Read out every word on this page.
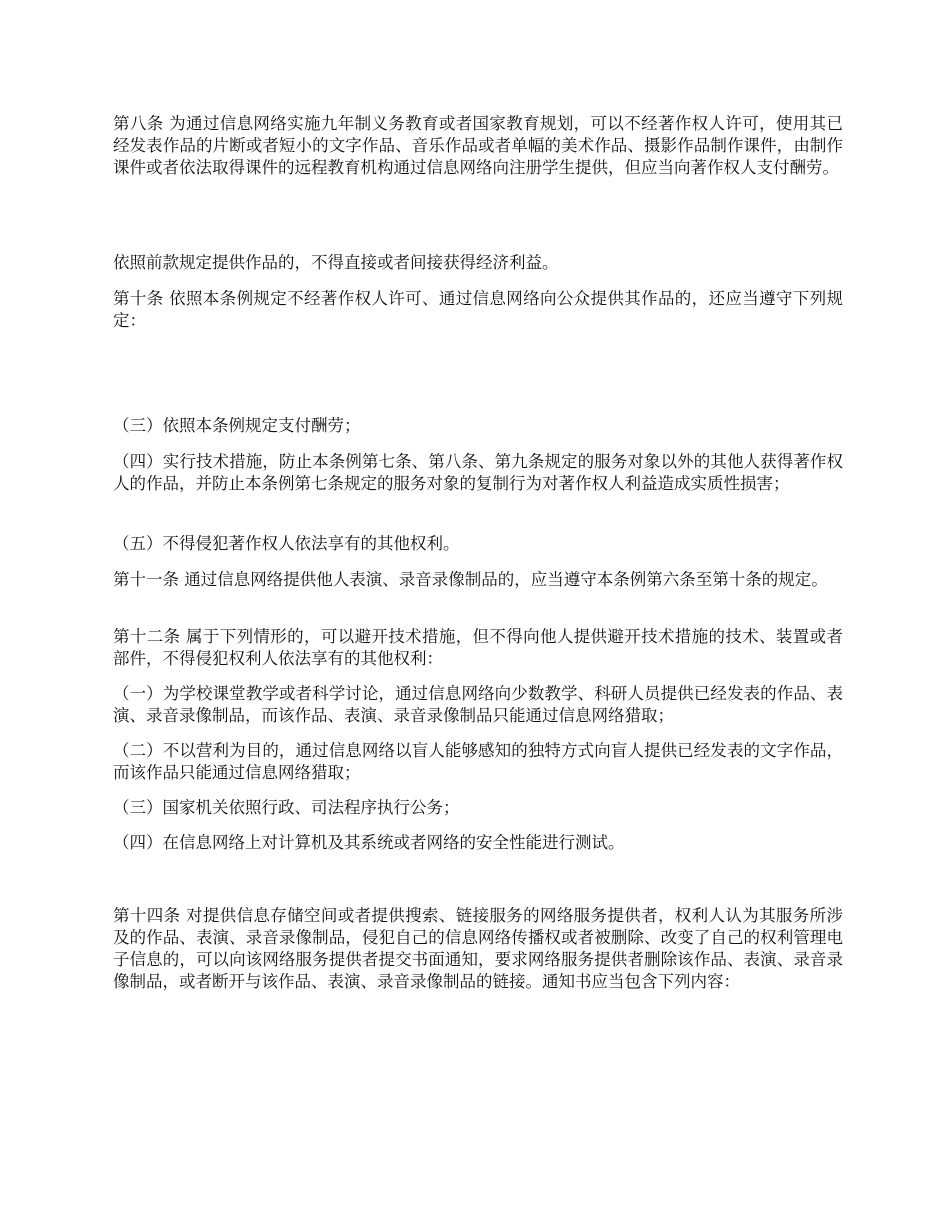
第八条 为通过信息网络实施九年制义务教育或者国家教育规划，可以不经著作权人许可，使用其已经发表作品的片断或者短小的文字作品、音乐作品或者单幅的美术作品、摄影作品制作课件，由制作课件或者依法取得课件的远程教育机构通过信息网络向注册学生提供，但应当向著作权人支付酬劳。

依照前款规定提供作品的，不得直接或者间接获得经济利益。

第十条 依照本条例规定不经著作权人许可、通过信息网络向公众提供其作品的，还应当遵守下列规定：

（三）依照本条例规定支付酬劳；

（四）实行技术措施，防止本条例第七条、第八条、第九条规定的服务对象以外的其他人获得著作权人的作品，并防止本条例第七条规定的服务对象的复制行为对著作权人利益造成实质性损害；

（五）不得侵犯著作权人依法享有的其他权利。

第十一条 通过信息网络提供他人表演、录音录像制品的，应当遵守本条例第六条至第十条的规定。

第十二条 属于下列情形的，可以避开技术措施，但不得向他人提供避开技术措施的技术、装置或者部件，不得侵犯权利人依法享有的其他权利：

（一）为学校课堂教学或者科学讨论，通过信息网络向少数教学、科研人员提供已经发表的作品、表演、录音录像制品，而该作品、表演、录音录像制品只能通过信息网络猎取；

（二）不以营利为目的，通过信息网络以盲人能够感知的独特方式向盲人提供已经发表的文字作品，而该作品只能通过信息网络猎取；

（三）国家机关依照行政、司法程序执行公务；

（四）在信息网络上对计算机及其系统或者网络的安全性能进行测试。

第十四条 对提供信息存储空间或者提供搜索、链接服务的网络服务提供者，权利人认为其服务所涉及的作品、表演、录音录像制品，侵犯自己的信息网络传播权或者被删除、改变了自己的权利管理电子信息的，可以向该网络服务提供者提交书面通知，要求网络服务提供者删除该作品、表演、录音录像制品，或者断开与该作品、表演、录音录像制品的链接。通知书应当包含下列内容：
